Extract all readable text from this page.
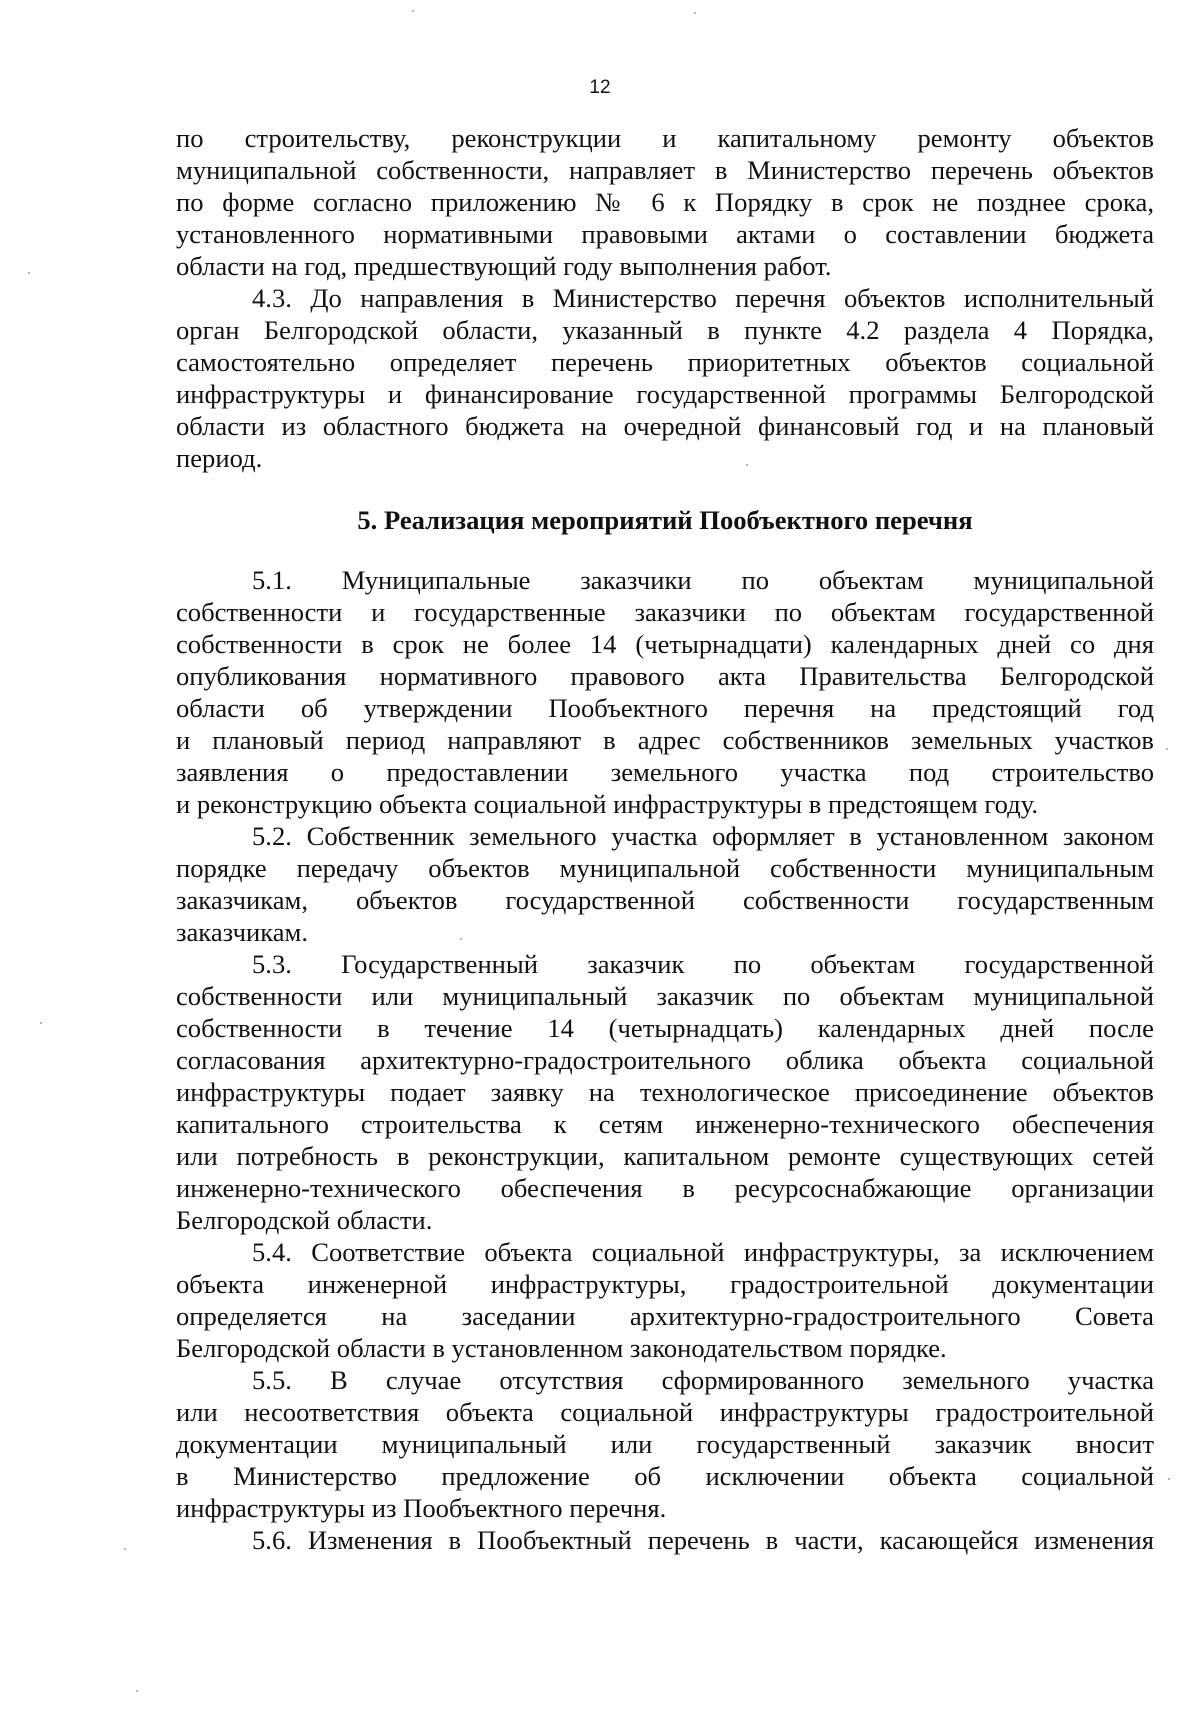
12
по строительству, реконструкции и капитальному ремонту объектов
муниципальной собственности, направляет в Министерство перечень объектов
по форме согласно приложению № 6 к Порядку в срок не позднее срока,
установленного нормативными правовыми актами о составлении бюджета
области на год, предшествующий году выполнения работ.
4.3. До направления в Министерство перечня объектов исполнительный
орган Белгородской области, указанный в пункте 4.2 раздела 4 Порядка,
самостоятельно определяет перечень приоритетных объектов социальной
инфраструктуры и финансирование государственной программы Белгородской
области из областного бюджета на очередной финансовый год и на плановый
период.
5. Реализация мероприятий Пообъектного перечня
5.1. Муниципальные заказчики по объектам муниципальной
собственности и государственные заказчики по объектам государственной
собственности в срок не более 14 (четырнадцати) календарных дней со дня
опубликования нормативного правового акта Правительства Белгородской
области об утверждении Пообъектного перечня на предстоящий год
и плановый период направляют в адрес собственников земельных участков
заявления о предоставлении земельного участка под строительство
и реконструкцию объекта социальной инфраструктуры в предстоящем году.
5.2. Собственник земельного участка оформляет в установленном законом
порядке передачу объектов муниципальной собственности муниципальным
заказчикам, объектов государственной собственности государственным
заказчикам.
5.3. Государственный заказчик по объектам государственной
собственности или муниципальный заказчик по объектам муниципальной
собственности в течение 14 (четырнадцать) календарных дней после
согласования архитектурно-градостроительного облика объекта социальной
инфраструктуры подает заявку на технологическое присоединение объектов
капитального строительства к сетям инженерно-технического обеспечения
или потребность в реконструкции, капитальном ремонте существующих сетей
инженерно-технического обеспечения в ресурсоснабжающие организации
Белгородской области.
5.4. Соответствие объекта социальной инфраструктуры, за исключением
объекта инженерной инфраструктуры, градостроительной документации
определяется на заседании архитектурно-градостроительного Совета
Белгородской области в установленном законодательством порядке.
5.5. В случае отсутствия сформированного земельного участка
или несоответствия объекта социальной инфраструктуры градостроительной
документации муниципальный или государственный заказчик вносит
в Министерство предложение об исключении объекта социальной
инфраструктуры из Пообъектного перечня.
5.6. Изменения в Пообъектный перечень в части, касающейся изменения
